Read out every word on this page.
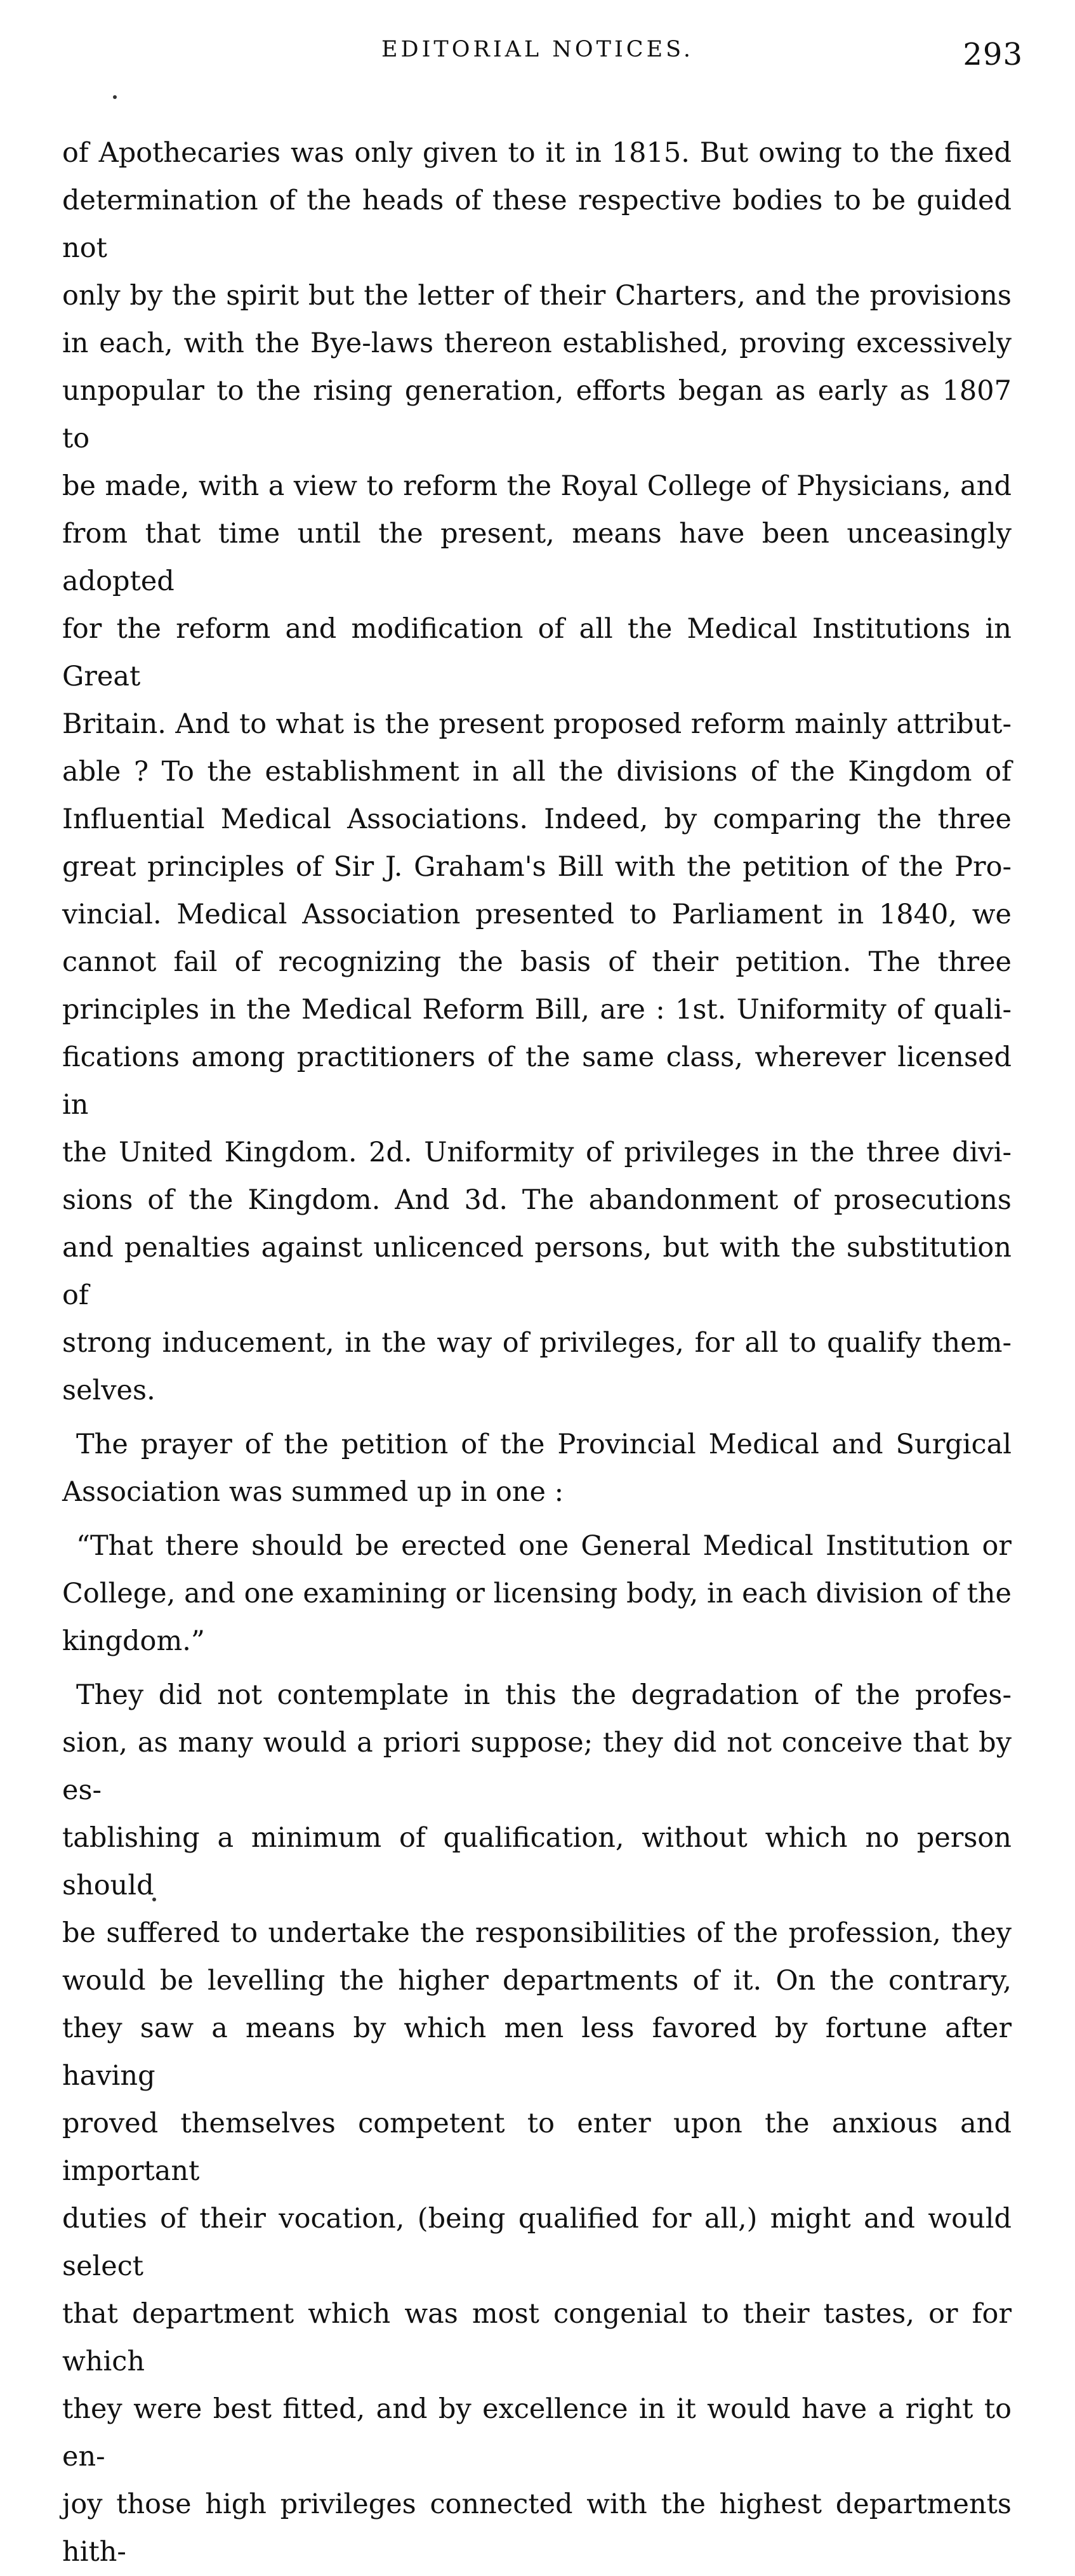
EDITORIAL NOTICES.	293
of Apothecaries was only given to it in 1815. But owing to the fixed
determination of the heads of these respective bodies to be guided not
only by the spirit but the letter of their Charters, and the provisions
in each, with the Bye-laws thereon established, proving excessively
unpopular to the rising generation, efforts began as early as 1807 to
be made, with a view to reform the Royal College of Physicians, and
from that time until the present, means have been unceasingly adopted
for the reform and modification of all the Medical Institutions in Great
Britain. And to what is the present proposed reform mainly attribut-
able ? To the establishment in all the divisions of the Kingdom of
Influential Medical Associations. Indeed, by comparing the three
great principles of Sir J. Graham's Bill with the petition of the Pro-
vincial. Medical Association presented to Parliament in 1840, we
cannot fail of recognizing the basis of their petition. The three
principles in the Medical Reform Bill, are : 1st. Uniformity of quali-
fications among practitioners of the same class, wherever licensed in
the United Kingdom. 2d. Uniformity of privileges in the three divi-
sions of the Kingdom. And 3d. The abandonment of prosecutions
and penalties against unlicenced persons, but with the substitution of
strong inducement, in the way of privileges, for all to qualify them-
selves.
The prayer of the petition of the Provincial Medical and Surgical
Association was summed up in one :
“That there should be erected one General Medical Institution or
College, and one examining or licensing body, in each division of the
kingdom.”
They did not contemplate in this the degradation of the profes-
sion, as many would a priori suppose; they did not conceive that by es-
tablishing a minimum of qualification, without which no person should
be suffered to undertake the responsibilities of the profession, they
would be levelling the higher departments of it. On the contrary,
they saw a means by which men less favored by fortune after having
proved themselves competent to enter upon the anxious and important
duties of their vocation, (being qualified for all,) might and would select
that department which was most congenial to their tastes, or for which
they were best fitted, and by excellence in it would have a right to en-
joy those high privileges connected with the highest departments hith-
